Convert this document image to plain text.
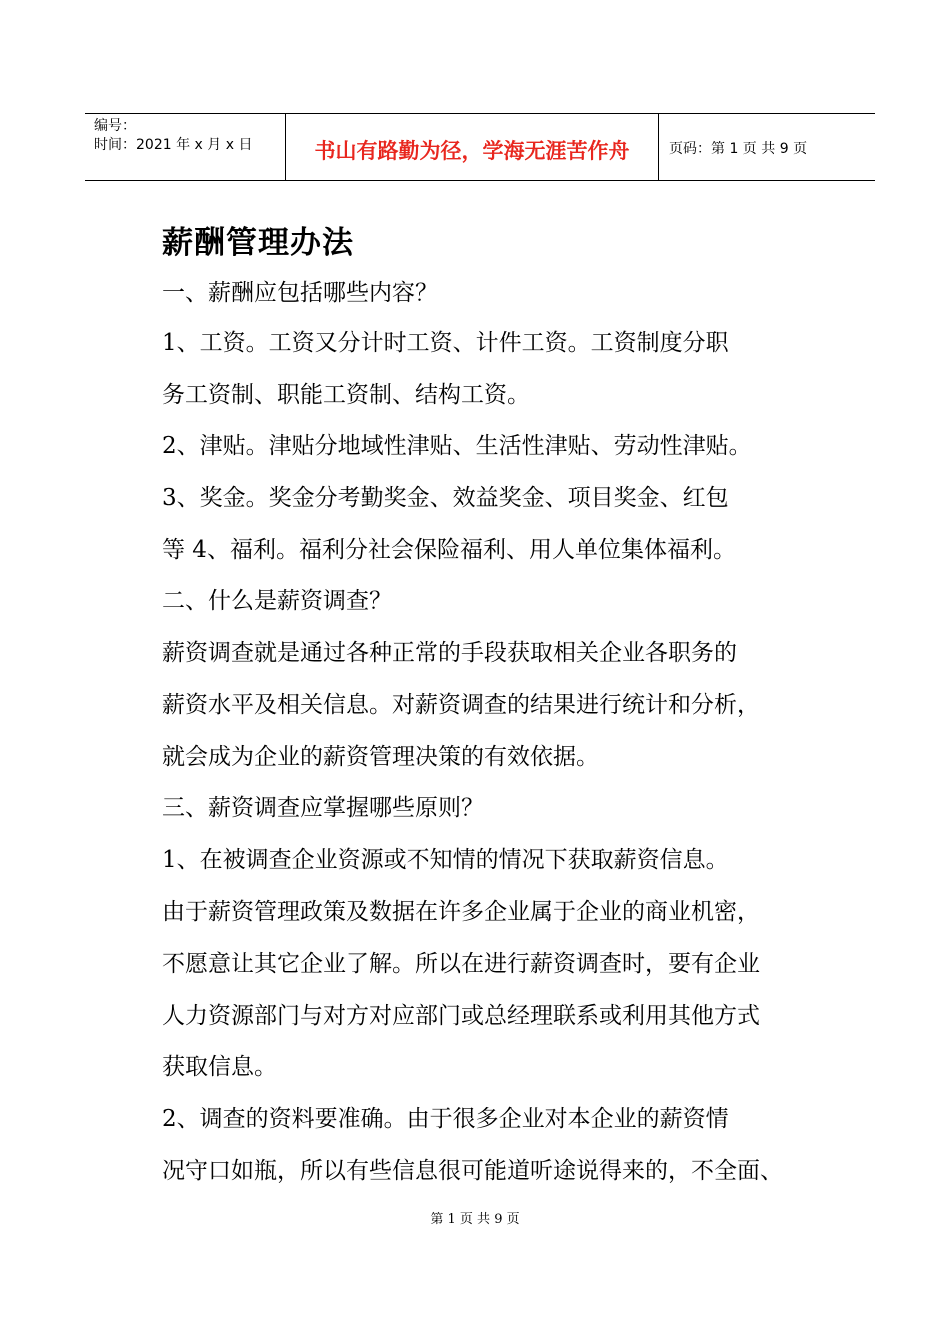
编号：
时间：2021 年 x 月 x 日	书山有路勤为径，学海无涯苦作舟	页码：第 1 页 共 9 页
薪酬管理办法
一、薪酬应包括哪些内容？
1、工资。工资又分计时工资、计件工资。工资制度分职
务工资制、职能工资制、结构工资。
2、津贴。津贴分地域性津贴、生活性津贴、劳动性津贴。
3、奖金。奖金分考勤奖金、效益奖金、项目奖金、红包
等 4、福利。福利分社会保险福利、用人单位集体福利。
二、什么是薪资调查？
薪资调查就是通过各种正常的手段获取相关企业各职务的
薪资水平及相关信息。对薪资调查的结果进行统计和分析，
就会成为企业的薪资管理决策的有效依据。
三、薪资调查应掌握哪些原则？
1、在被调查企业资源或不知情的情况下获取薪资信息。
由于薪资管理政策及数据在许多企业属于企业的商业机密，
不愿意让其它企业了解。所以在进行薪资调查时，要有企业
人力资源部门与对方对应部门或总经理联系或利用其他方式
获取信息。
2、调查的资料要准确。由于很多企业对本企业的薪资情
况守口如瓶，所以有些信息很可能道听途说得来的，不全面、
第 1 页 共 9 页
